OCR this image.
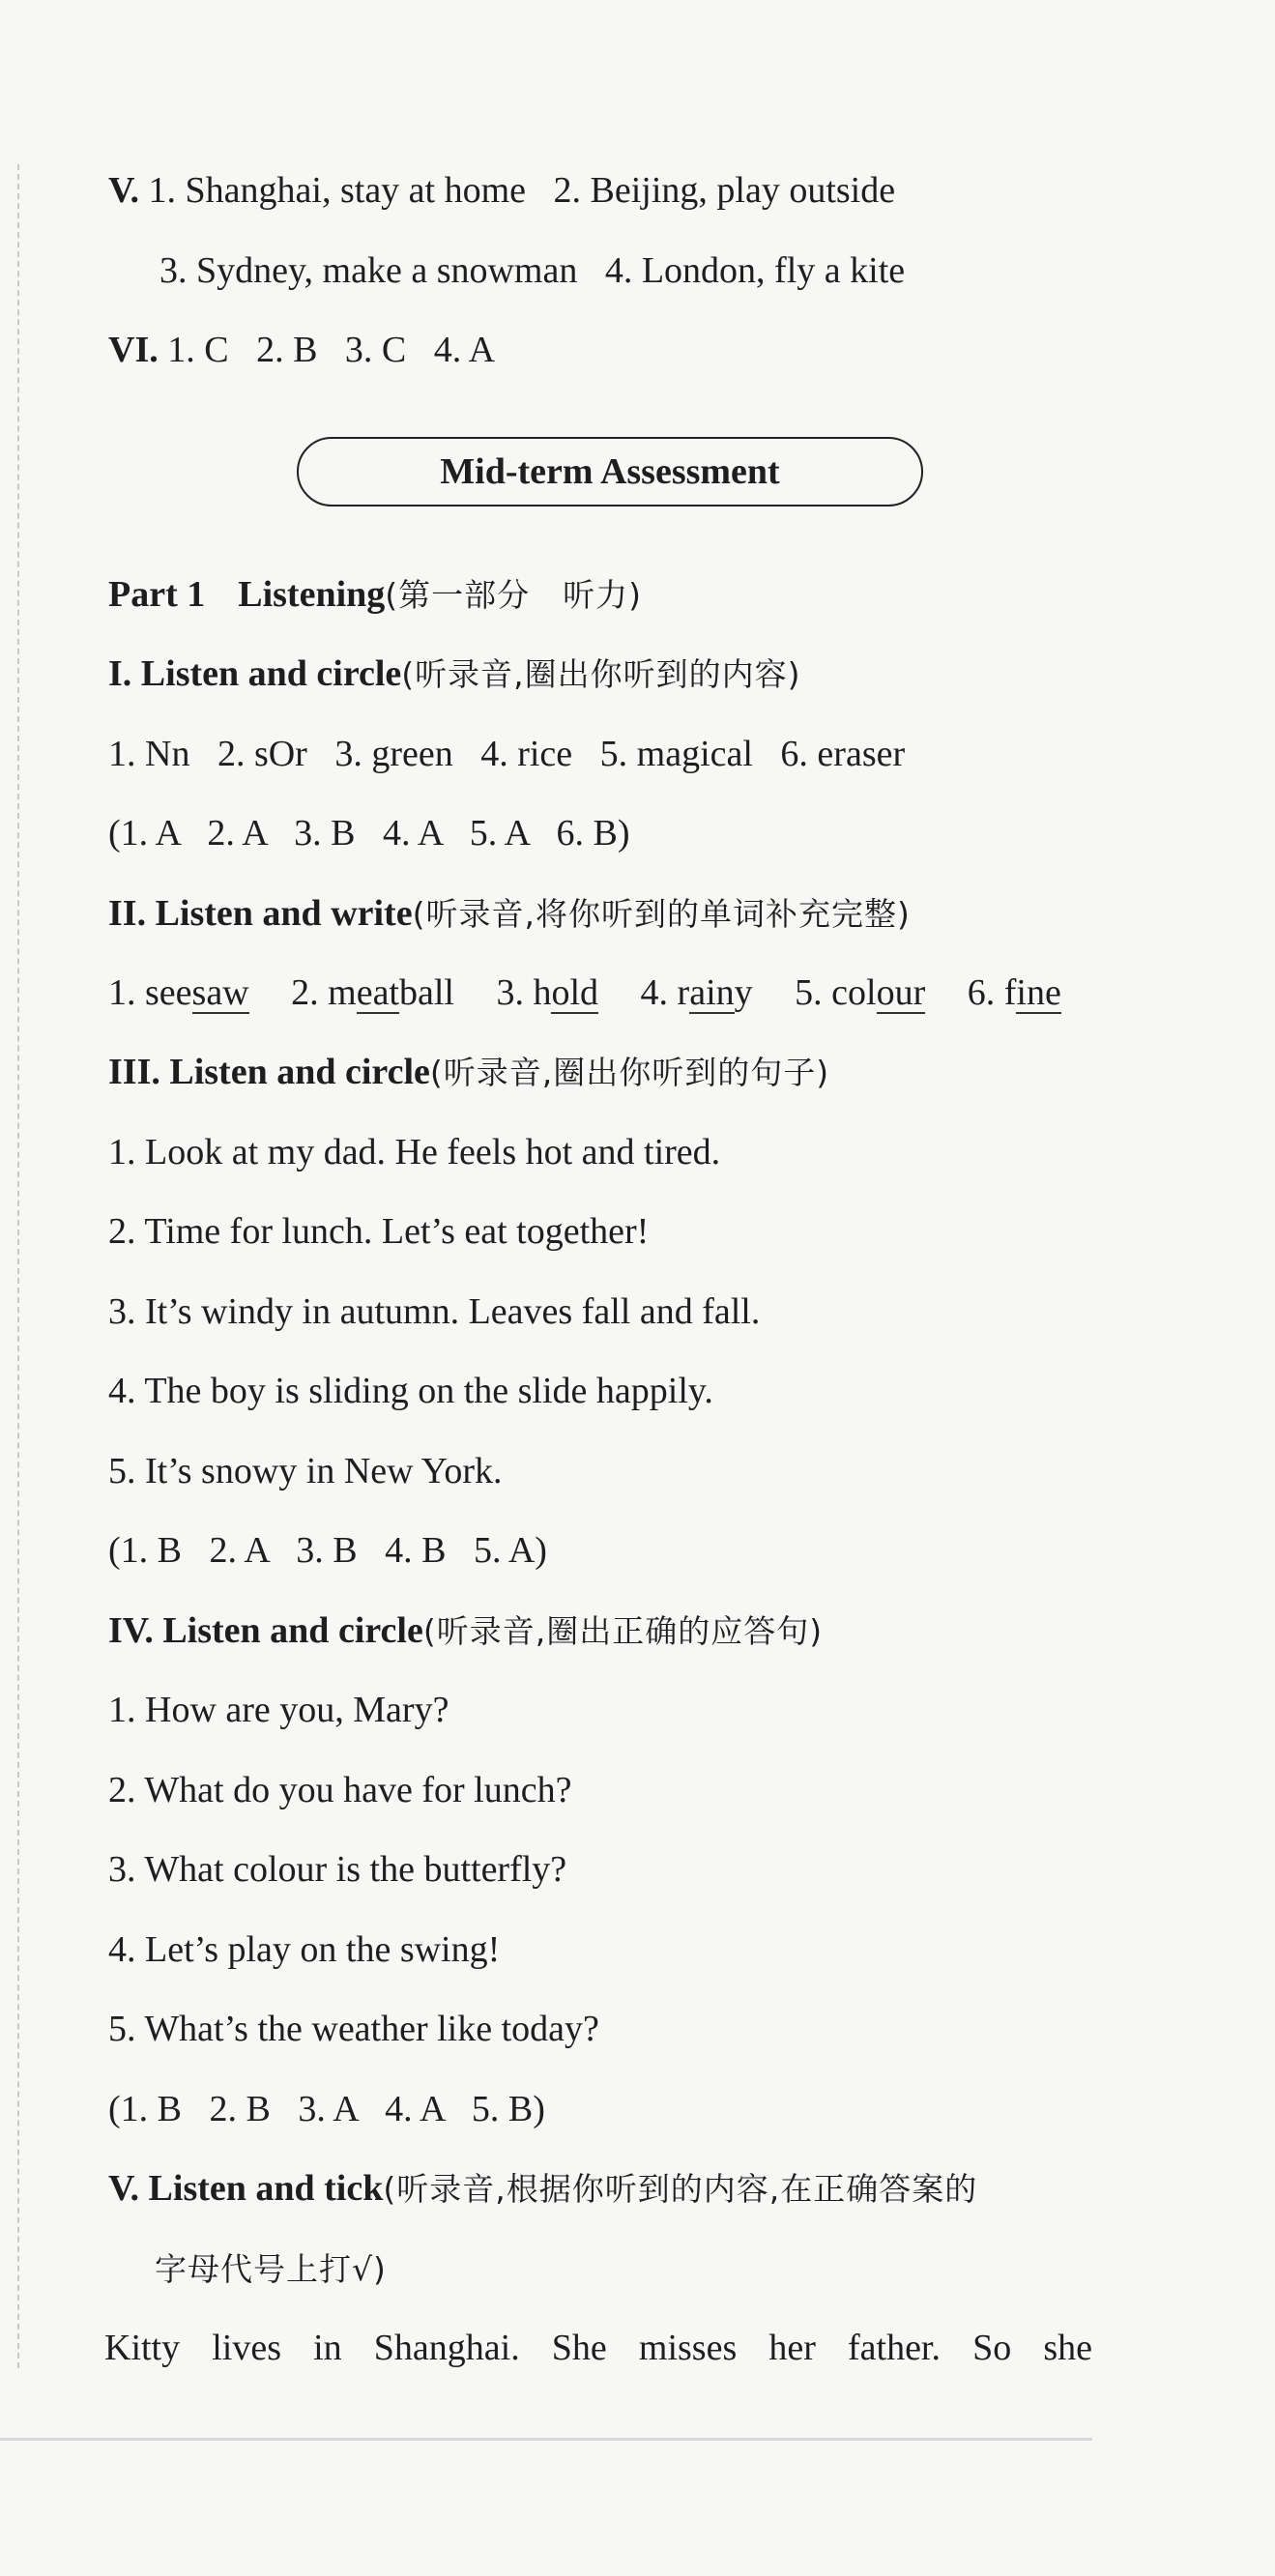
V. 1. Shanghai, stay at home   2. Beijing, play outside
3. Sydney, make a snowman   4. London, fly a kite
VI. 1. C   2. B   3. C   4. A
Mid-term Assessment
Part 1 Listening(第一部分　听力)
I. Listen and circle(听录音,圈出你听到的内容)
1. Nn   2. sOr   3. green   4. rice   5. magical   6. eraser
(1. A   2. A   3. B   4. A   5. A   6. B)
II. Listen and write(听录音,将你听到的单词补充完整)
1. seesaw 2. meatball 3. hold 4. rainy 5. colour 6. fine
III. Listen and circle(听录音,圈出你听到的句子)
1. Look at my dad. He feels hot and tired.
2. Time for lunch. Let’s eat together!
3. It’s windy in autumn. Leaves fall and fall.
4. The boy is sliding on the slide happily.
5. It’s snowy in New York.
(1. B   2. A   3. B   4. B   5. A)
IV. Listen and circle(听录音,圈出正确的应答句)
1. How are you, Mary?
2. What do you have for lunch?
3. What colour is the butterfly?
4. Let’s play on the swing!
5. What’s the weather like today?
(1. B   2. B   3. A   4. A   5. B)
V. Listen and tick(听录音,根据你听到的内容,在正确答案的
字母代号上打√)
Kitty lives in Shanghai. She misses her father. So she
